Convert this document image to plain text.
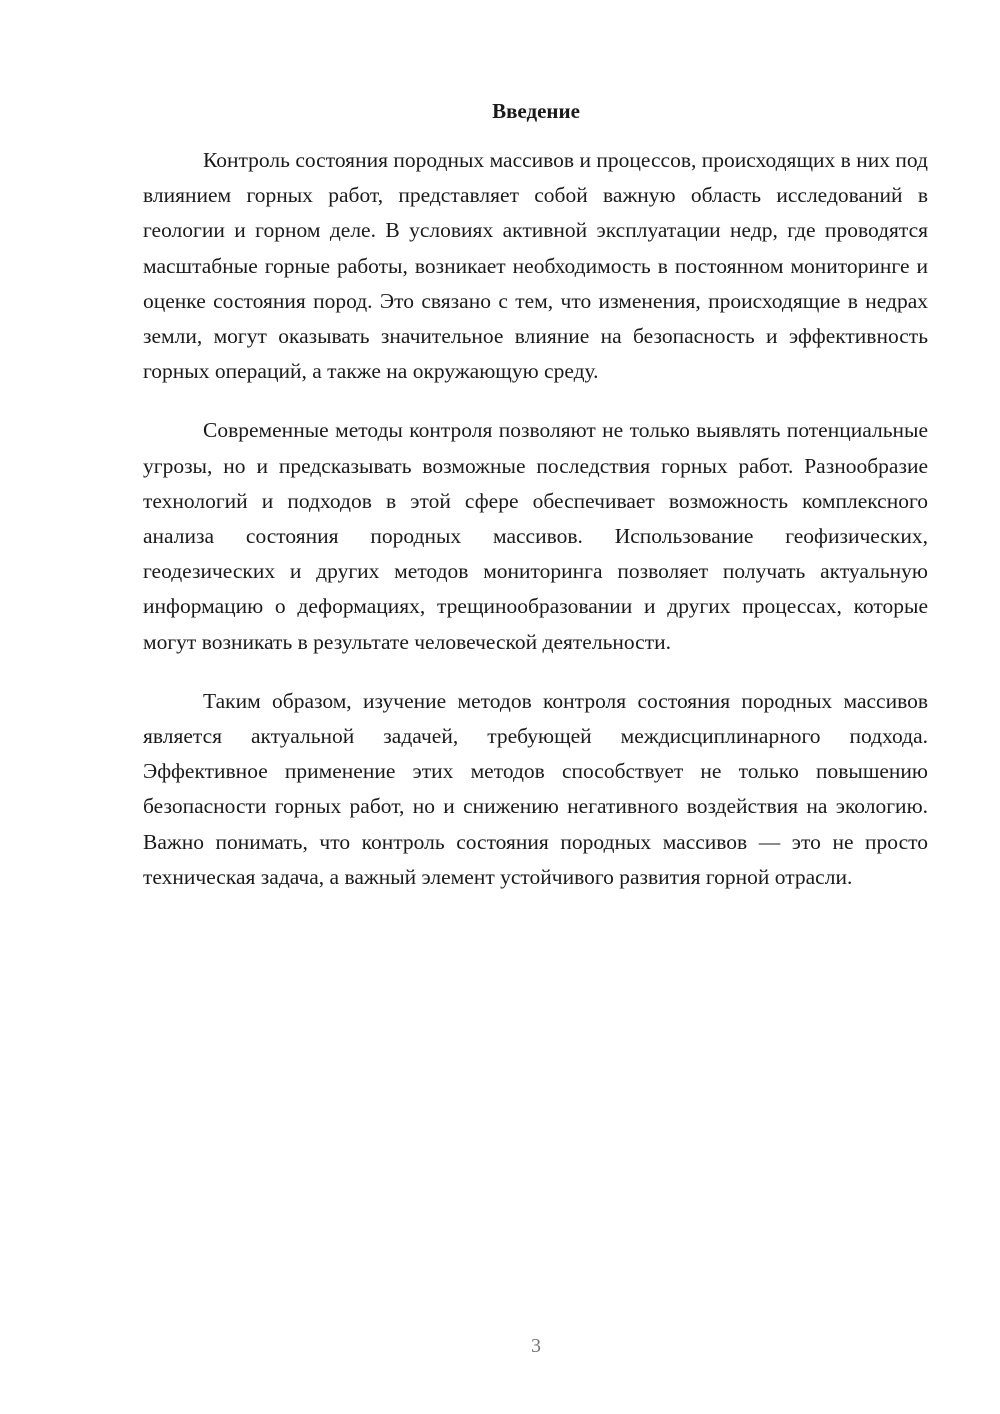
Введение

Контроль состояния породных массивов и процессов, происходящих в них под влиянием горных работ, представляет собой важную область исследований в геологии и горном деле. В условиях активной эксплуатации недр, где проводятся масштабные горные работы, возникает необходимость в постоянном мониторинге и оценке состояния пород. Это связано с тем, что изменения, происходящие в недрах земли, могут оказывать значительное влияние на безопасность и эффективность горных операций, а также на окружающую среду.

Современные методы контроля позволяют не только выявлять потенциальные угрозы, но и предсказывать возможные последствия горных работ. Разнообразие технологий и подходов в этой сфере обеспечивает возможность комплексного анализа состояния породных массивов. Использование геофизических, геодезических и других методов мониторинга позволяет получать актуальную информацию о деформациях, трещинообразовании и других процессах, которые могут возникать в результате человеческой деятельности.

Таким образом, изучение методов контроля состояния породных массивов является актуальной задачей, требующей междисциплинарного подхода. Эффективное применение этих методов способствует не только повышению безопасности горных работ, но и снижению негативного воздействия на экологию. Важно понимать, что контроль состояния породных массивов — это не просто техническая задача, а важный элемент устойчивого развития горной отрасли.

3
